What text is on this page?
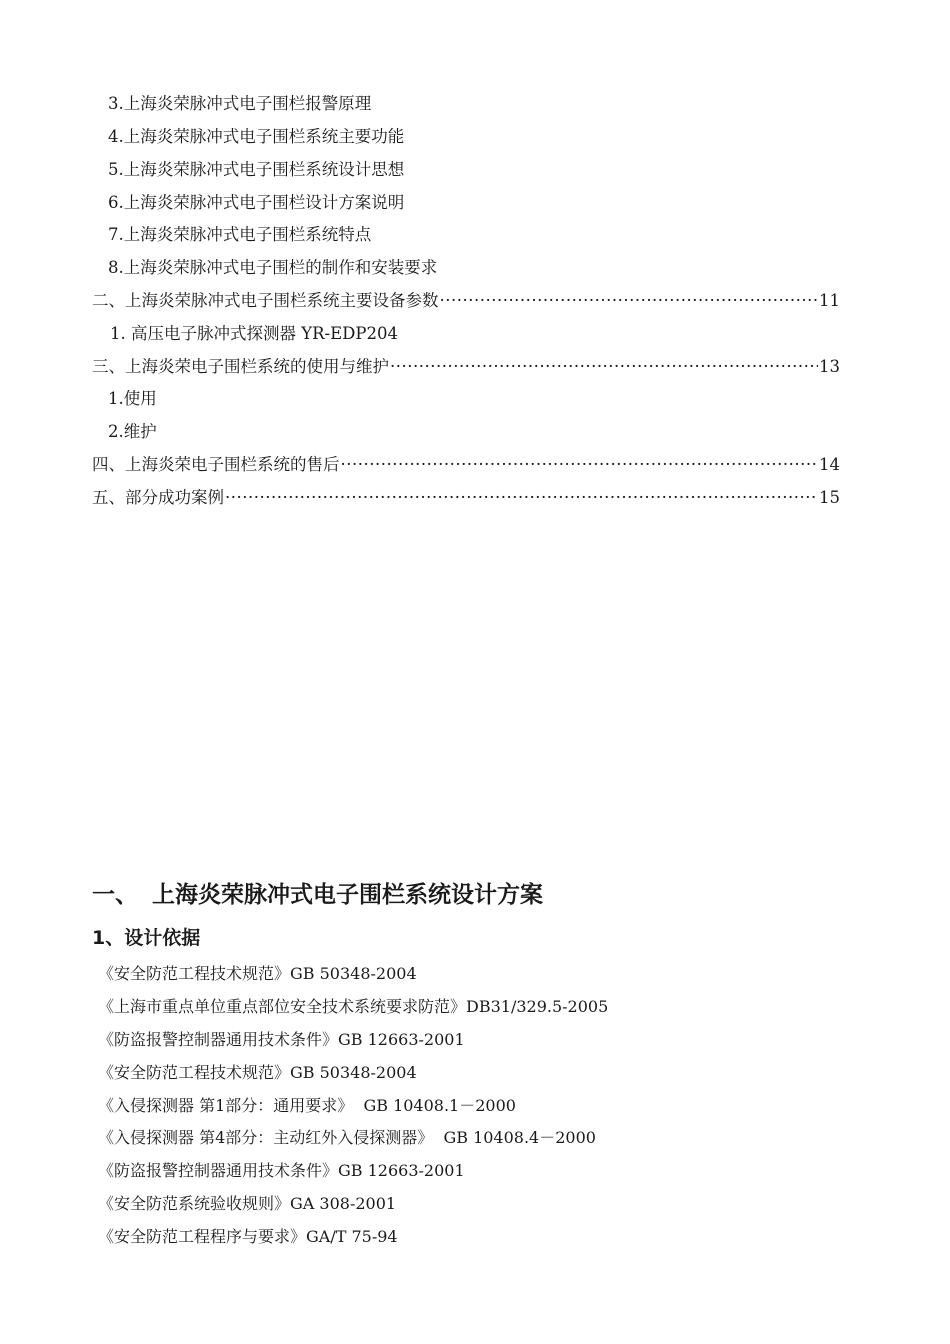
3.上海炎荣脉冲式电子围栏报警原理
4.上海炎荣脉冲式电子围栏系统主要功能
5.上海炎荣脉冲式电子围栏系统设计思想
6.上海炎荣脉冲式电子围栏设计方案说明
7.上海炎荣脉冲式电子围栏系统特点
8.上海炎荣脉冲式电子围栏的制作和安装要求
二、上海炎荣脉冲式电子围栏系统主要设备参数 ·····	11
1. 高压电子脉冲式探测器 YR-EDP204
三、上海炎荣电子围栏系统的使用与维护 ·····	13
1.使用
2.维护
四、上海炎荣电子围栏系统的售后 ·····	14
五、部分成功案例 ·····	15
一、 上海炎荣脉冲式电子围栏系统设计方案
1、设计依据
《安全防范工程技术规范》GB 50348-2004
《上海市重点单位重点部位安全技术系统要求防范》DB31/329.5-2005
《防盗报警控制器通用技术条件》GB 12663-2001
《安全防范工程技术规范》GB 50348-2004
《入侵探测器 第1部分：通用要求》  GB 10408.1－2000
《入侵探测器 第4部分：主动红外入侵探测器》  GB 10408.4－2000
《防盗报警控制器通用技术条件》GB 12663-2001
《安全防范系统验收规则》GA 308-2001
《安全防范工程程序与要求》GA/T 75-94
